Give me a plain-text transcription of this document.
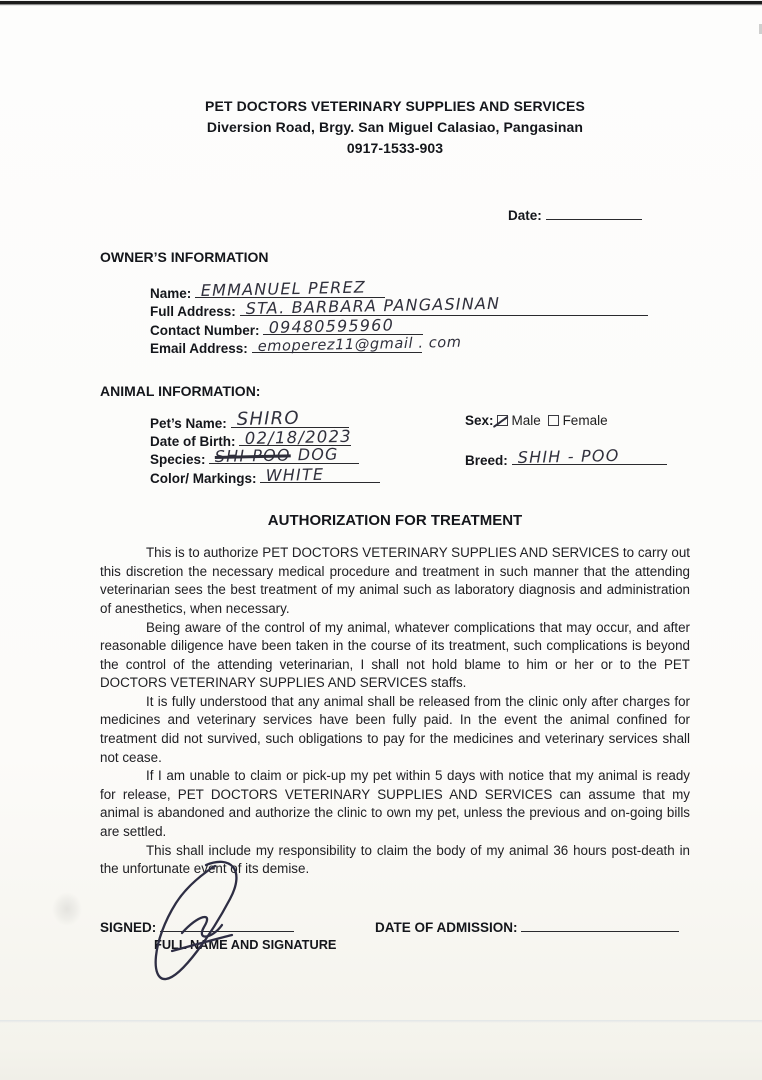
PET DOCTORS VETERINARY SUPPLIES AND SERVICES
Diversion Road, Brgy. San Miguel Calasiao, Pangasinan
0917-1533-903
Date:
OWNER’S INFORMATION
Name: EMMANUEL PEREZ
Full Address: STA. BARBARA PANGASINAN
Contact Number: 09480595960
Email Address: emoperez11@gmail . com
ANIMAL INFORMATION:
Pet’s Name: SHIRO
Date of Birth: 02/18/2023
Species: SHI-POO DOG
Color/ Markings: WHITE
Sex: Male Female
Breed: SHIH - POO
AUTHORIZATION FOR TREATMENT

This is to authorize PET DOCTORS VETERINARY SUPPLIES AND SERVICES to carry out this discretion the necessary medical procedure and treatment in such manner that the attending veterinarian sees the best treatment of my animal such as laboratory diagnosis and administration of anesthetics, when necessary.

Being aware of the control of my animal, whatever complications that may occur, and after reasonable diligence have been taken in the course of its treatment, such complications is beyond the control of the attending veterinarian, I shall not hold blame to him or her or to the PET DOCTORS VETERINARY SUPPLIES AND SERVICES staffs.

It is fully understood that any animal shall be released from the clinic only after charges for medicines and veterinary services have been fully paid. In the event the animal confined for treatment did not survived, such obligations to pay for the medicines and veterinary services shall not cease.

If I am unable to claim or pick-up my pet within 5 days with notice that my animal is ready for release, PET DOCTORS VETERINARY SUPPLIES AND SERVICES can assume that my animal is abandoned and authorize the clinic to own my pet, unless the previous and on-going bills are settled.

This shall include my responsibility to claim the body of my animal 36 hours post-death in the unfortunate event of its demise.

SIGNED:
FULL NAME AND SIGNATURE
DATE OF ADMISSION:
